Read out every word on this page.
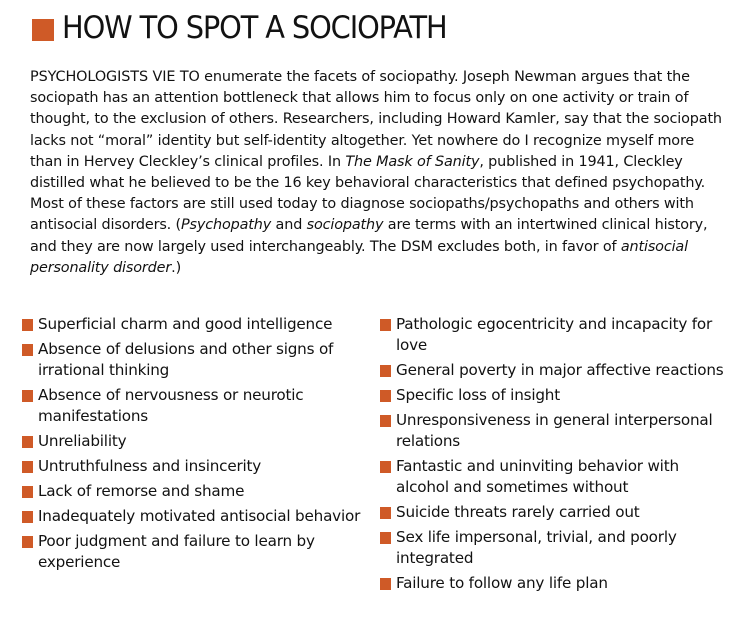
HOW TO SPOT A SOCIOPATH

PSYCHOLOGISTS VIE TO enumerate the facets of sociopathy. Joseph Newman argues that the sociopath has an attention bottleneck that allows him to focus only on one activity or train of thought, to the exclusion of others. Researchers, including Howard Kamler, say that the sociopath lacks not “moral” identity but self-identity altogether. Yet nowhere do I recognize myself more than in Hervey Cleckley’s clinical profiles. In The Mask of Sanity, published in 1941, Cleckley distilled what he believed to be the 16 key behavioral characteristics that defined psychopathy. Most of these factors are still used today to diagnose sociopaths/psychopaths and others with antisocial disorders. (Psychopathy and sociopathy are terms with an intertwined clinical history, and they are now largely used interchangeably. The DSM excludes both, in favor of antisocial personality disorder.)

Superficial charm and good intelligence
Absence of delusions and other signs of irrational thinking
Absence of nervousness or neurotic manifestations
Unreliability
Untruthfulness and insincerity
Lack of remorse and shame
Inadequately motivated antisocial behavior
Poor judgment and failure to learn by experience
Pathologic egocentricity and incapacity for love
General poverty in major affective reactions
Specific loss of insight
Unresponsiveness in general interpersonal relations
Fantastic and uninviting behavior with alcohol and sometimes without
Suicide threats rarely carried out
Sex life impersonal, trivial, and poorly integrated
Failure to follow any life plan
